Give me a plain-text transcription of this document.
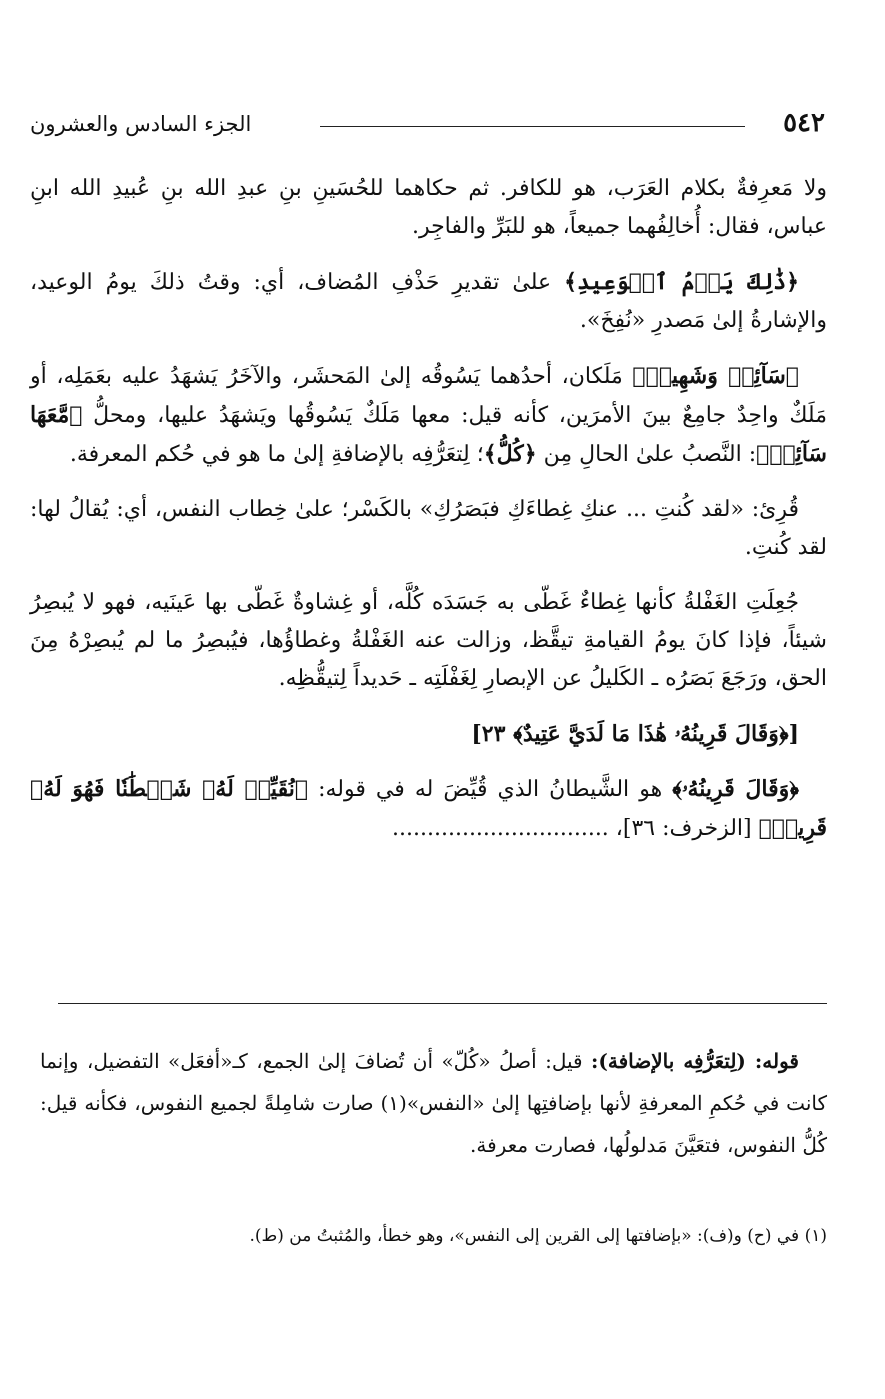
٥٤٢
الجزء السادس والعشرون

ولا مَعرِفةٌ بكلام العَرَب، هو للكافر. ثم حكاهما للحُسَينِ بنِ عبدِ الله بنِ عُبيدِ الله ابنِ عباس، فقال: أُخالِفُهما جميعاً، هو للبَرِّ والفاجِر.

﴿ذَٰلِكَ يَوۡمُ ٱلۡوَعِيدِ﴾ علىٰ تقديرِ حَذْفِ المُضاف، أي: وقتُ ذلكَ يومُ الوعيد، والإشارةُ إلىٰ مَصدرِ «نُفِخَ».

﴿سَآئِقٞ وَشَهِيدٞ﴾ مَلَكان، أحدُهما يَسُوقُه إلىٰ المَحشَر، والآخَرُ يَشهَدُ عليه بعَمَلِه، أو مَلَكٌ واحِدٌ جامِعٌ بينَ الأمرَين، كأنه قيل: معها مَلَكٌ يَسُوقُها ويَشهَدُ عليها، ومحلُّ ﴿مَّعَهَا سَآئِقٞ﴾: النَّصبُ علىٰ الحالِ مِن ﴿كُلُّ﴾؛ لِتعَرُّفِه بالإضافةِ إلىٰ ما هو في حُكم المعرفة.

قُرِئ: «لقد كُنتِ ... عنكِ غِطاءَكِ فبَصَرُكِ» بالكَسْر؛ علىٰ خِطاب النفس، أي: يُقالُ لها: لقد كُنتِ.

جُعِلَتِ الغَفْلةُ كأنها غِطاءٌ غَطّى به جَسَدَه كُلَّه، أو غِشاوةٌ غَطّى بها عَينَيه، فهو لا يُبصِرُ شيئاً، فإذا كانَ يومُ القيامةِ تيقَّظ، وزالت عنه الغَفْلةُ وغطاؤُها، فيُبصِرُ ما لم يُبصِرْهُ مِنَ الحق، ورَجَعَ بَصَرُه ـ الكَليلُ عن الإبصارِ لِغَفْلَتِه ـ حَديداً لِتيقُّظِه.

[﴿وَقَالَ قَرِينُهُۥ هَٰذَا مَا لَدَيَّ عَتِيدٌ﴾ ٢٣]

﴿وَقَالَ قَرِينُهُۥ﴾ هو الشَّيطانُ الذي قُيِّضَ له في قوله: ﴿نُقَيِّضۡ لَهُۥ شَيۡطَٰنٗا فَهُوَ لَهُۥ قَرِينٞ﴾ [الزخرف: ٣٦]، ...............................

قوله: (لِتعَرُّفِه بالإضافة): قيل: أصلُ «كُلّ» أن تُضافَ إلىٰ الجمع، كـ«أفعَل» التفضيل، وإنما كانت في حُكمِ المعرفةِ لأنها بإضافتِها إلىٰ «النفس»(١) صارت شامِلةً لجميع النفوس، فكأنه قيل: كُلُّ النفوس، فتعَيَّنَ مَدلولُها، فصارت معرفة.

(١) في (ح) و(ف): «بإضافتها إلى القرين إلى النفس»، وهو خطأ، والمُثبتُ من (ط).
